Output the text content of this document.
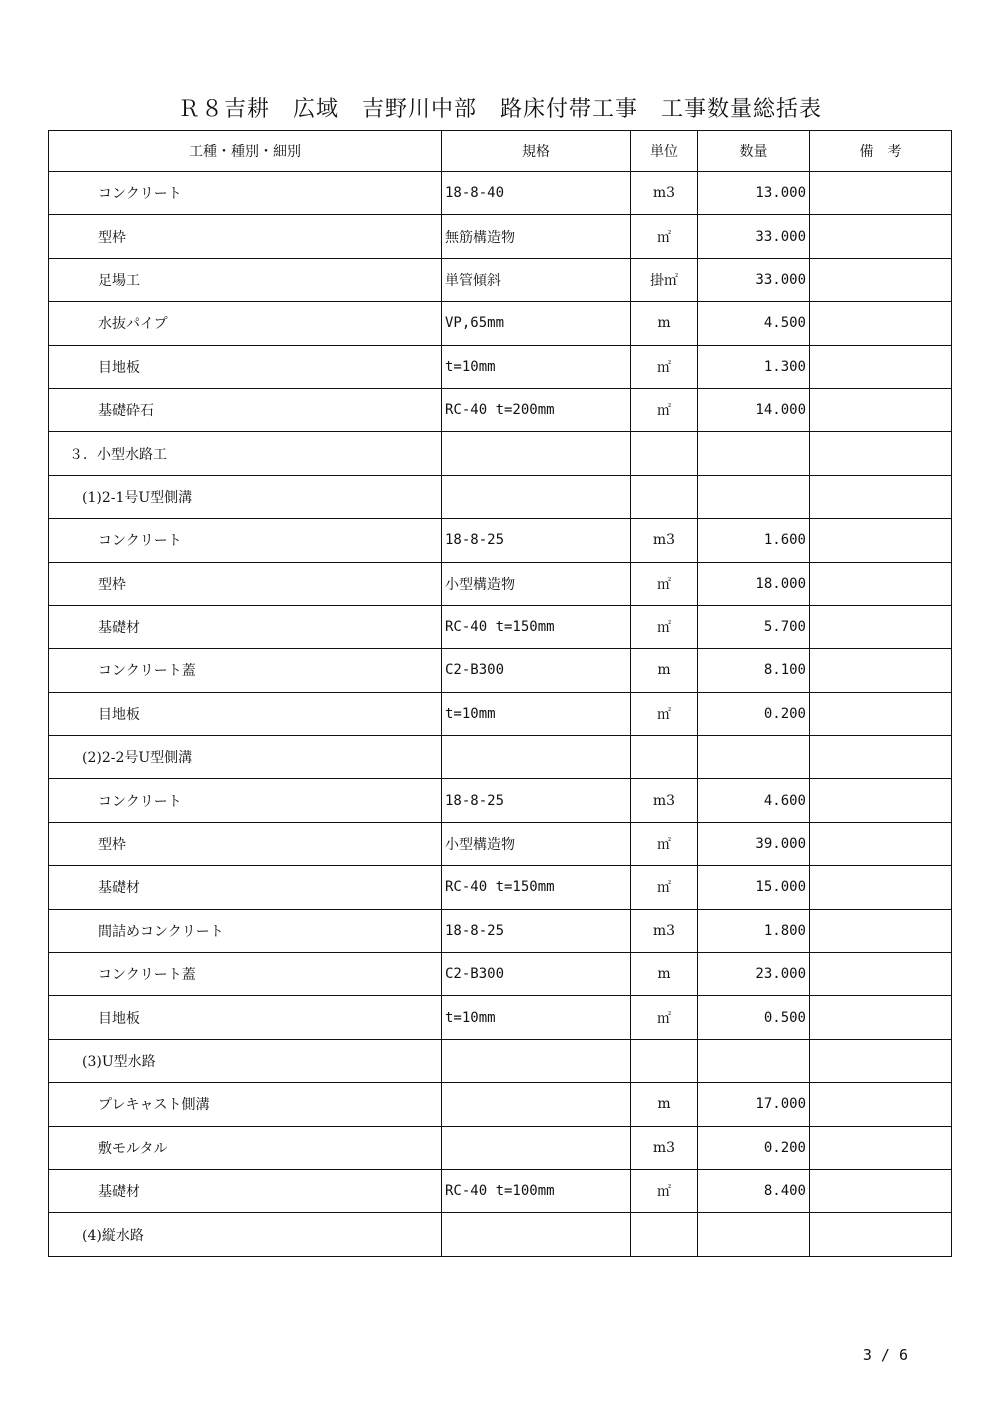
Ｒ８吉耕　広域　吉野川中部　路床付帯工事　工事数量総括表
工種・種別・細別	規格	単位	数量	備　考
コンクリート	18-8-40	m3	13.000	
型枠	無筋構造物	㎡	33.000	
足場工	単管傾斜	掛㎡	33.000	
水抜パイプ	VP,65mm	m	4.500	
目地板	t=10mm	㎡	1.300	
基礎砕石	RC-40 t=200mm	㎡	14.000	
３．小型水路工				
(1)2-1号U型側溝				
コンクリート	18-8-25	m3	1.600	
型枠	小型構造物	㎡	18.000	
基礎材	RC-40 t=150mm	㎡	5.700	
コンクリート蓋	C2-B300	m	8.100	
目地板	t=10mm	㎡	0.200	
(2)2-2号U型側溝				
コンクリート	18-8-25	m3	4.600	
型枠	小型構造物	㎡	39.000	
基礎材	RC-40 t=150mm	㎡	15.000	
間詰めコンクリート	18-8-25	m3	1.800	
コンクリート蓋	C2-B300	m	23.000	
目地板	t=10mm	㎡	0.500	
(3)U型水路				
プレキャスト側溝		m	17.000	
敷モルタル		m3	0.200	
基礎材	RC-40 t=100mm	㎡	8.400	
(4)縦水路				
3 / 6
